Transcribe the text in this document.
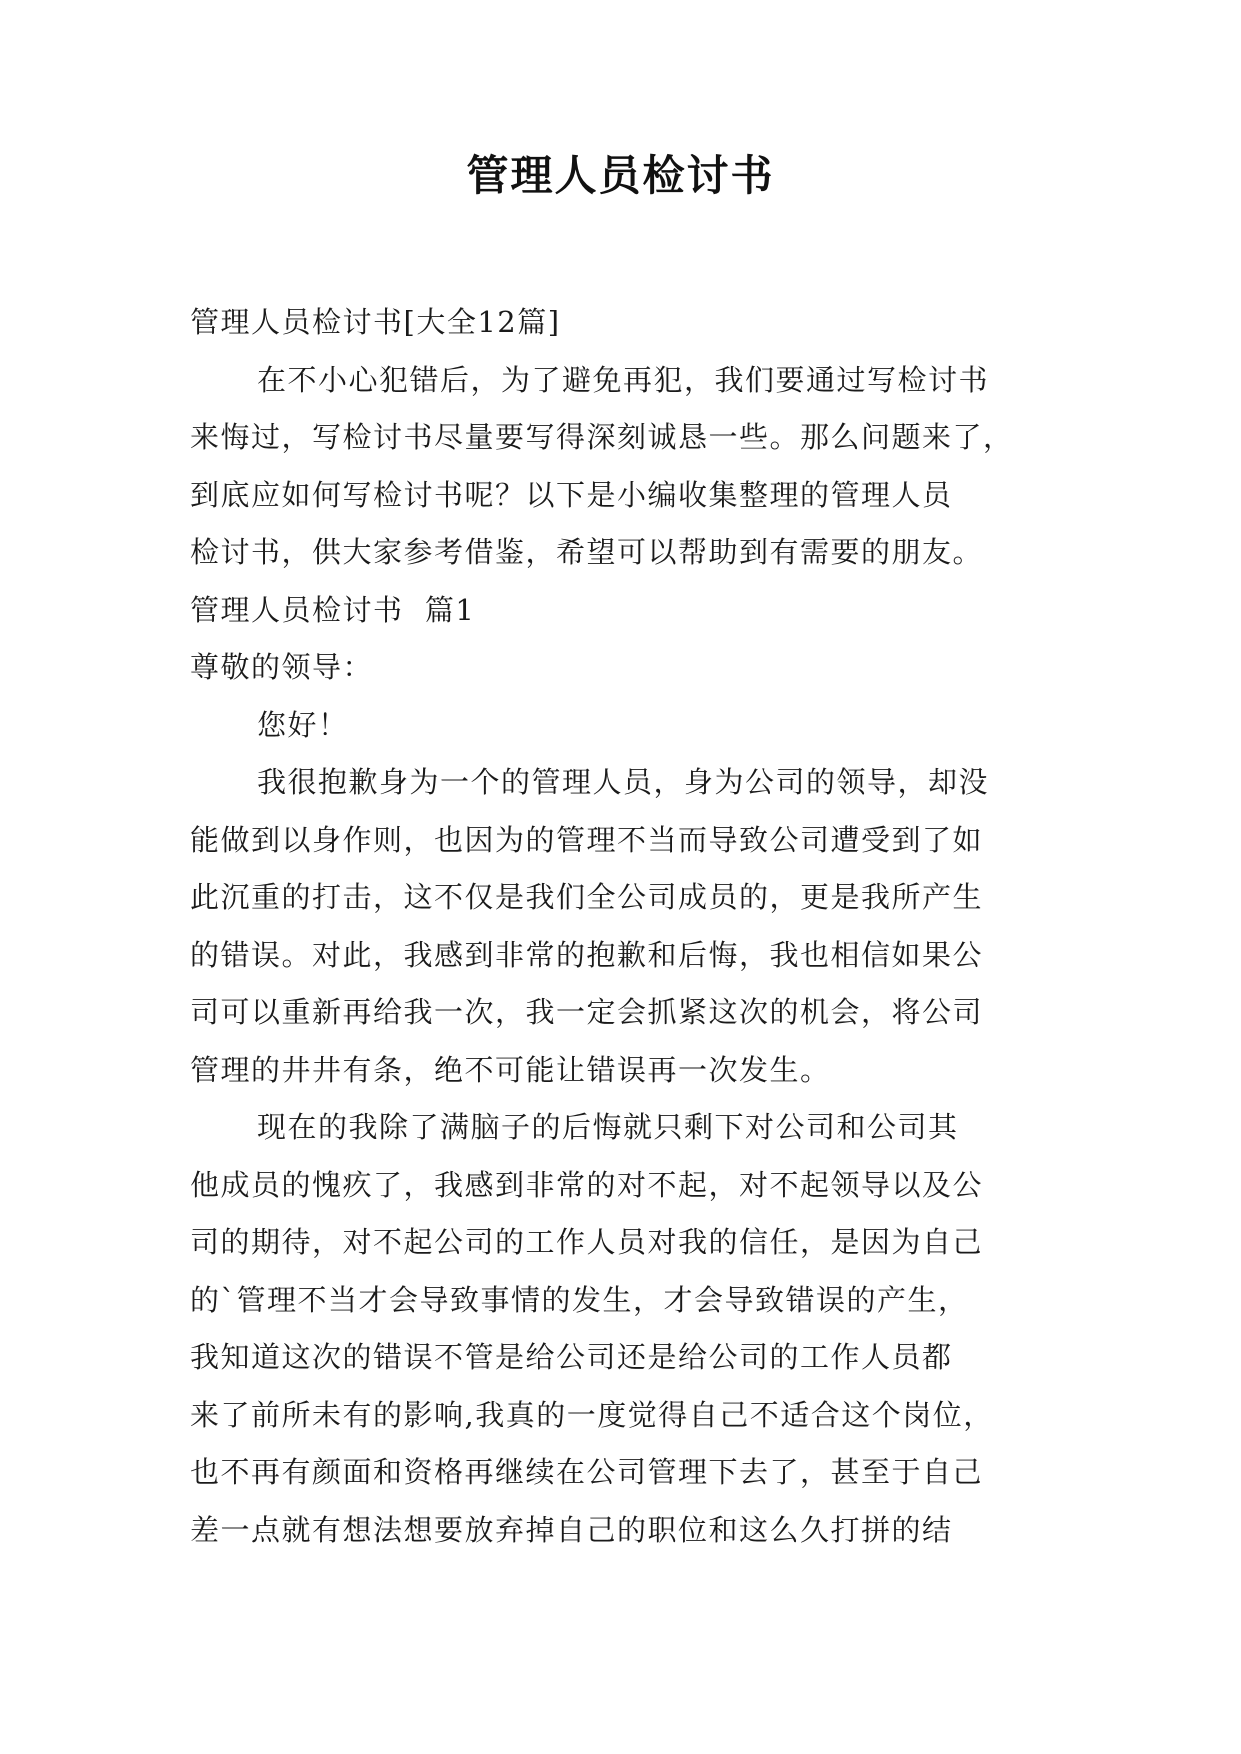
管理人员检讨书
管理人员检讨书[大全12篇]
在不小心犯错后，为了避免再犯，我们要通过写检讨书
来悔过，写检讨书尽量要写得深刻诚恳一些。那么问题来了，
到底应如何写检讨书呢？以下是小编收集整理的管理人员
检讨书，供大家参考借鉴，希望可以帮助到有需要的朋友。
管理人员检讨书  篇1
尊敬的领导：
您好！
我很抱歉身为一个的管理人员，身为公司的领导，却没
能做到以身作则，也因为的管理不当而导致公司遭受到了如
此沉重的打击，这不仅是我们全公司成员的，更是我所产生
的错误。对此，我感到非常的抱歉和后悔，我也相信如果公
司可以重新再给我一次，我一定会抓紧这次的机会，将公司
管理的井井有条，绝不可能让错误再一次发生。
现在的我除了满脑子的后悔就只剩下对公司和公司其
他成员的愧疚了，我感到非常的对不起，对不起领导以及公
司的期待，对不起公司的工作人员对我的信任，是因为自己
的`管理不当才会导致事情的发生，才会导致错误的产生，
我知道这次的错误不管是给公司还是给公司的工作人员都
来了前所未有的影响,我真的一度觉得自己不适合这个岗位，
也不再有颜面和资格再继续在公司管理下去了，甚至于自己
差一点就有想法想要放弃掉自己的职位和这么久打拼的结
